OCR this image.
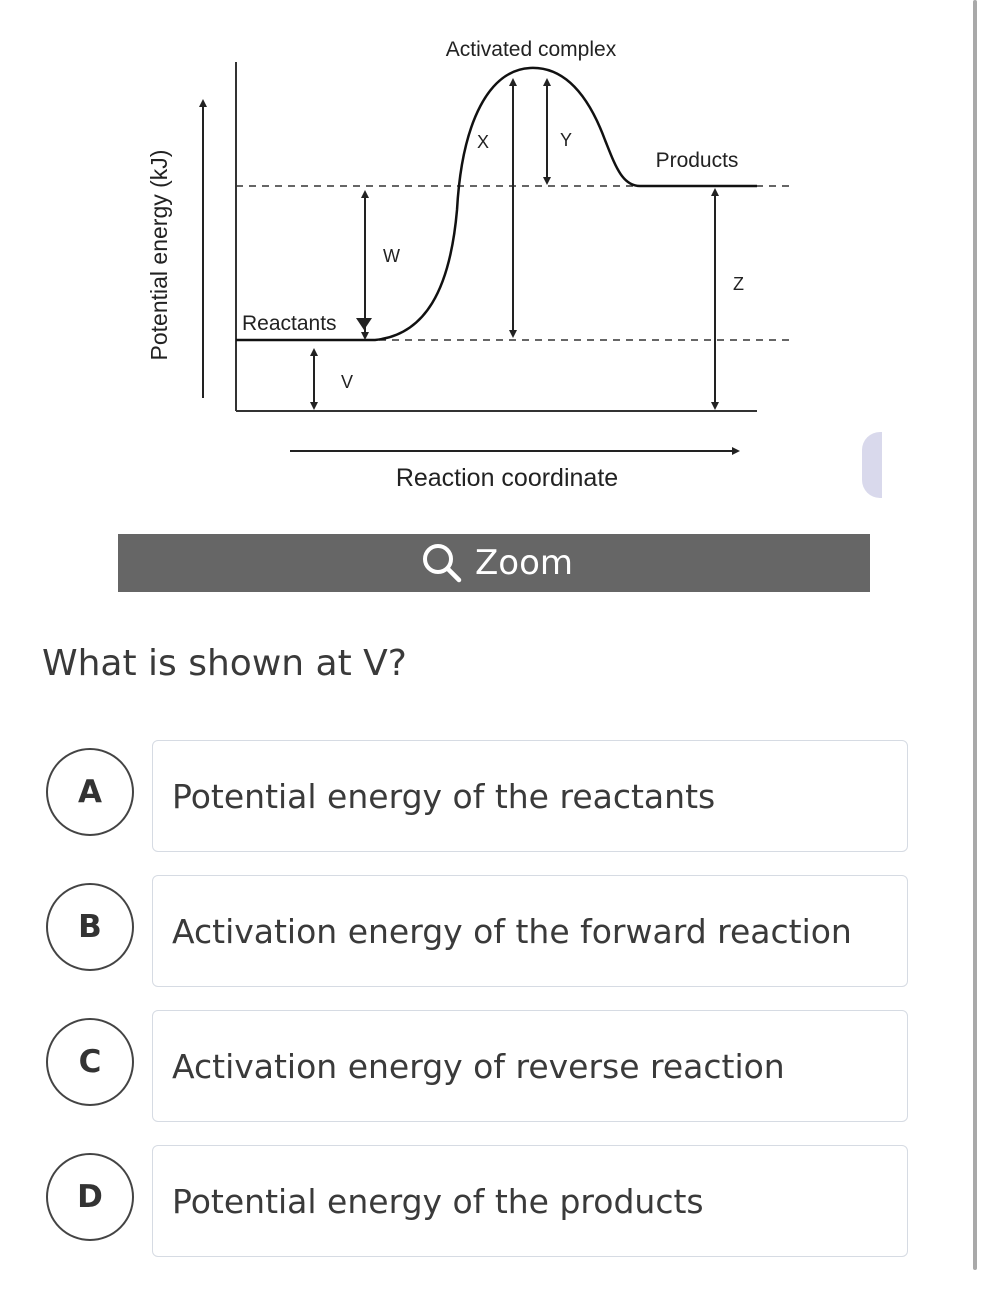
Potential energy (kJ)
V
W
X	Y
Z
Activated complex
Products
Reactants
Reaction coordinate
Zoom
What is shown at V?
A	Potential energy of the reactants
B	Activation energy of the forward reaction
C	Activation energy of reverse reaction
D	Potential energy of the products
